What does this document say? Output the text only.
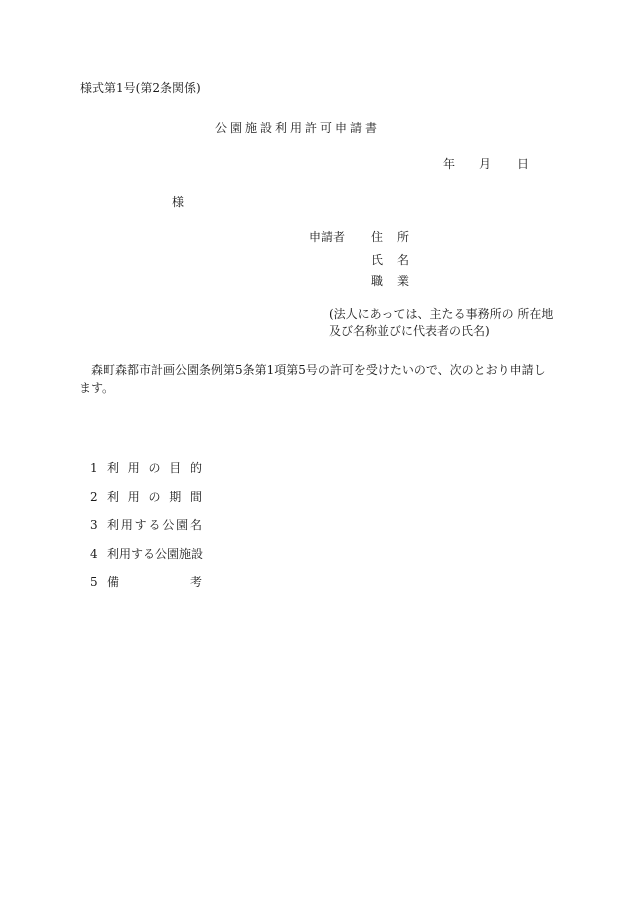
様式第1号(第2条関係)

公園施設利用許可申請書

年 月 日

様

申請者 住所
氏名
職業

(法人にあっては、主たる事務所の 所在地及び名称並びに代表者の氏名)

森町森都市計画公園条例第5条第1項第5号の許可を受けたいので、次のとおり申請します。

1 利用の目的
2 利用の期間
3 利用する公園名
4 利用する公園施設
5 備 考
